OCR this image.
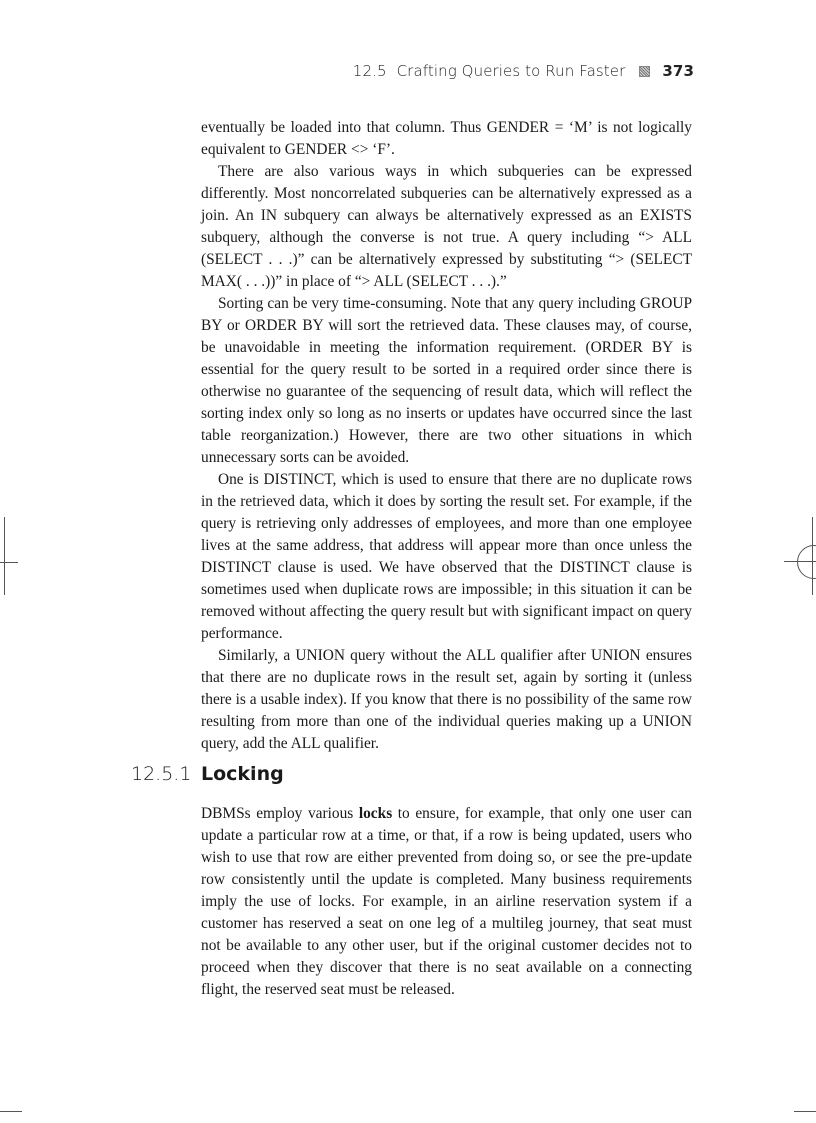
12.5 Crafting Queries to Run Faster 373

eventually be loaded into that column. Thus GENDER = ‘M’ is not logically equivalent to GENDER <> ‘F’.

There are also various ways in which subqueries can be expressed differently. Most noncorrelated subqueries can be alternatively expressed as a join. An IN subquery can always be alternatively expressed as an EXISTS subquery, although the converse is not true. A query including “> ALL (SELECT . . .)” can be alternatively expressed by substituting “> (SELECT MAX( . . .))” in place of “> ALL (SELECT . . .).”

Sorting can be very time-consuming. Note that any query including GROUP BY or ORDER BY will sort the retrieved data. These clauses may, of course, be unavoidable in meeting the information requirement. (ORDER BY is essential for the query result to be sorted in a required order since there is otherwise no guarantee of the sequencing of result data, which will reflect the sorting index only so long as no inserts or updates have occurred since the last table reorganization.) However, there are two other situations in which unnecessary sorts can be avoided.

One is DISTINCT, which is used to ensure that there are no duplicate rows in the retrieved data, which it does by sorting the result set. For example, if the query is retrieving only addresses of employees, and more than one employee lives at the same address, that address will appear more than once unless the DISTINCT clause is used. We have observed that the DISTINCT clause is sometimes used when duplicate rows are impossible; in this situation it can be removed without affecting the query result but with significant impact on query performance.

Similarly, a UNION query without the ALL qualifier after UNION ensures that there are no duplicate rows in the result set, again by sorting it (unless there is a usable index). If you know that there is no possibility of the same row resulting from more than one of the individual queries making up a UNION query, add the ALL qualifier.

12.5.1 Locking

DBMSs employ various locks to ensure, for example, that only one user can update a particular row at a time, or that, if a row is being updated, users who wish to use that row are either prevented from doing so, or see the pre-update row consistently until the update is completed. Many business requirements imply the use of locks. For example, in an airline reservation system if a customer has reserved a seat on one leg of a multileg journey, that seat must not be available to any other user, but if the original customer decides not to proceed when they discover that there is no seat available on a connecting flight, the reserved seat must be released.
